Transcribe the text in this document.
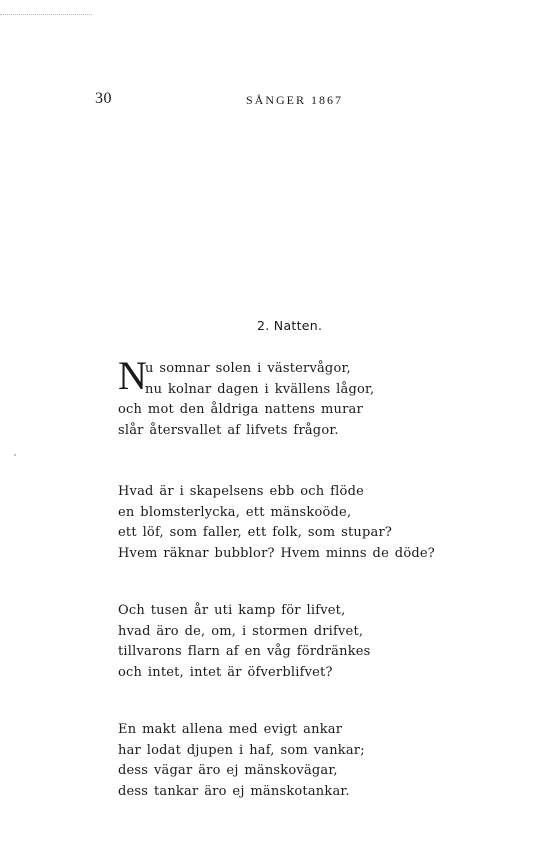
30	SÅNGER 1867
2. Natten.
N
u somnar solen i västervågor,
nu kolnar dagen i kvällens lågor,
och mot den åldriga nattens murar
slår återsvallet af lifvets frågor.
Hvad är i skapelsens ebb och flöde
en blomsterlycka, ett mänskoöde,
ett löf, som faller, ett folk, som stupar?
Hvem räknar bubblor? Hvem minns de döde?
Och tusen år uti kamp för lifvet,
hvad äro de, om, i stormen drifvet,
tillvarons flarn af en våg fördränkes
och intet, intet är öfverblifvet?
En makt allena med evigt ankar
har lodat djupen i haf, som vankar;
dess vägar äro ej mänskovägar,
dess tankar äro ej mänskotankar.
